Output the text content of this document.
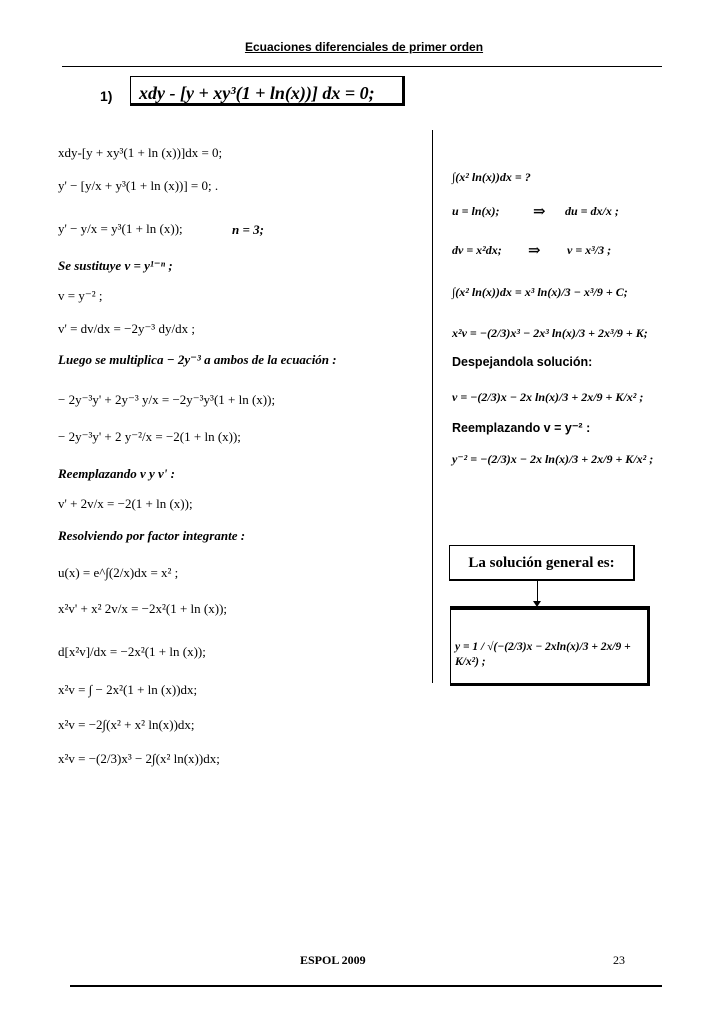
Ecuaciones diferenciales de primer orden
1)	xdy - [y + xy³(1 + ln(x))] dx = 0;
xdy-[y + xy³(1 + ln (x))]dx = 0;
y' − [y/x + y³(1 + ln (x))] = 0; .
y' − y/x = y³(1 + ln (x));	n = 3;
Se sustituye v = y¹⁻ⁿ ;
v = y⁻² ;
v' = dv/dx = −2y⁻³ dy/dx ;
Luego se multiplica − 2y⁻³ a ambos de la ecuación :
− 2y⁻³y' + 2y⁻³ y/x = −2y⁻³y³(1 + ln (x));
− 2y⁻³y' + 2 y⁻²/x = −2(1 + ln (x));
Reemplazando v y v' :
v' + 2v/x = −2(1 + ln (x));
Resolviendo por factor integrante :
u(x) = e^∫(2/x)dx = x² ;
x²v' + x² 2v/x = −2x²(1 + ln (x));
d[x²v]/dx = −2x²(1 + ln (x));
x²v = ∫ − 2x²(1 + ln (x))dx;
x²v = −2∫(x² + x² ln(x))dx;
x²v = −(2/3)x³ − 2∫(x² ln(x))dx;
∫(x² ln(x))dx = ?
u = ln(x); ⇒ du = dx/x ;
dv = x²dx; ⇒ v = x³/3 ;
∫(x² ln(x))dx = x³ ln(x)/3 − x³/9 + C;
x²v = −(2/3)x³ − 2x³ ln(x)/3 + 2x³/9 + K;
Despejandola solución:
v = −(2/3)x − 2x ln(x)/3 + 2x/9 + K/x² ;
Reemplazando v = y⁻² :
y⁻² = −(2/3)x − 2x ln(x)/3 + 2x/9 + K/x² ;
La solución general es:
y = 1 / √(−(2/3)x − 2xln(x)/3 + 2x/9 + K/x²) ;
ESPOL 2009	23
